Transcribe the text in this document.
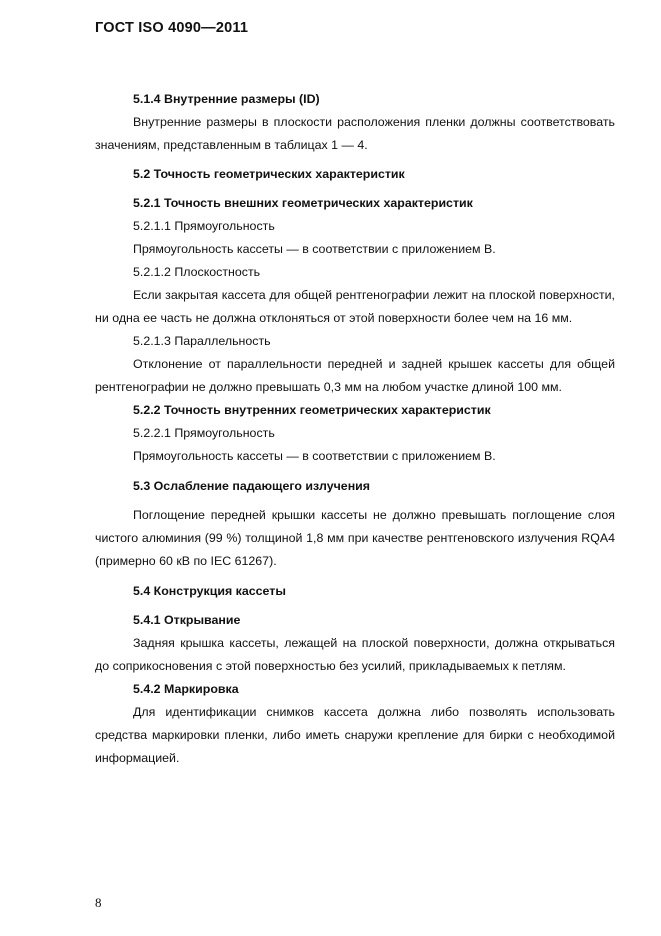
ГОСТ ISO 4090—2011

5.1.4 Внутренние размеры (ID)

Внутренние размеры в плоскости расположения пленки должны соответствовать значениям, представленным в таблицах 1 — 4.

5.2 Точность геометрических характеристик

5.2.1 Точность внешних геометрических характеристик

5.2.1.1 Прямоугольность

Прямоугольность кассеты — в соответствии с приложением В.

5.2.1.2 Плоскостность

Если закрытая кассета для общей рентгенографии лежит на плоской поверхности, ни одна ее часть не должна отклоняться от этой поверхности более чем на 16 мм.

5.2.1.3 Параллельность

Отклонение от параллельности передней и задней крышек кассеты для общей рентгенографии не должно превышать 0,3 мм на любом участке длиной 100 мм.

5.2.2 Точность внутренних геометрических характеристик

5.2.2.1 Прямоугольность

Прямоугольность кассеты — в соответствии с приложением В.

5.3 Ослабление падающего излучения

Поглощение передней крышки кассеты не должно превышать поглощение слоя чистого алюминия (99 %) толщиной 1,8 мм при качестве рентгеновского излучения RQA4 (примерно 60 кВ по IEC 61267).

5.4 Конструкция кассеты

5.4.1 Открывание

Задняя крышка кассеты, лежащей на плоской поверхности, должна открываться до соприкосновения с этой поверхностью без усилий, прикладываемых к петлям.

5.4.2 Маркировка

Для идентификации снимков кассета должна либо позволять использовать средства маркировки пленки, либо иметь снаружи крепление для бирки с необходимой информацией.

8
